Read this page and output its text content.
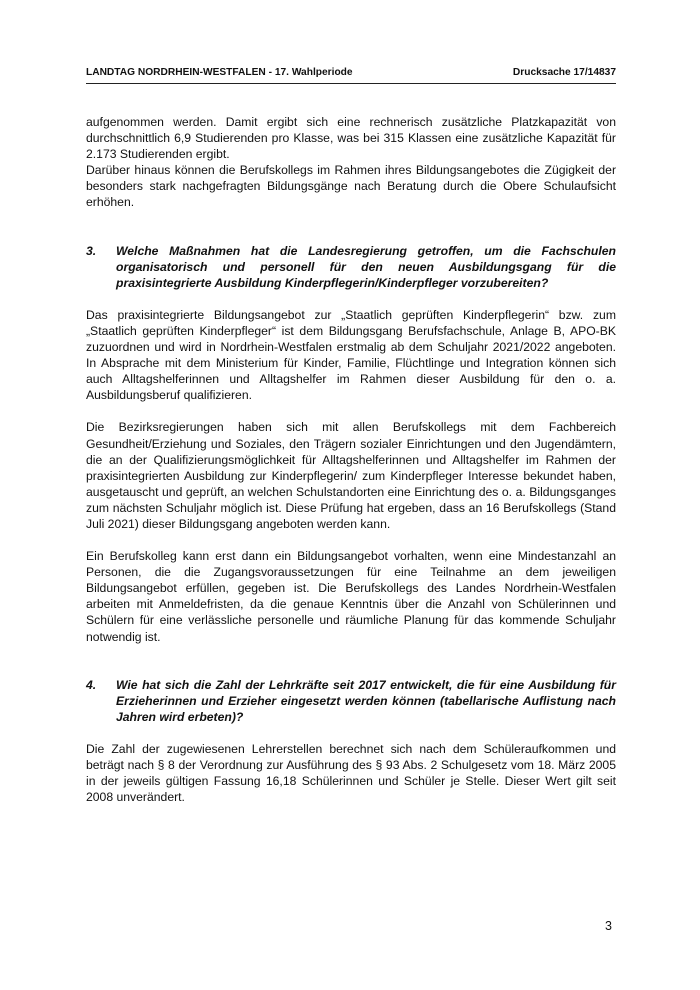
LANDTAG NORDRHEIN-WESTFALEN - 17. Wahlperiode	Drucksache 17/14837

aufgenommen werden. Damit ergibt sich eine rechnerisch zusätzliche Platzkapazität von durchschnittlich 6,9 Studierenden pro Klasse, was bei 315 Klassen eine zusätzliche Kapazität für 2.173 Studierenden ergibt.

Darüber hinaus können die Berufskollegs im Rahmen ihres Bildungsangebotes die Zügigkeit der besonders stark nachgefragten Bildungsgänge nach Beratung durch die Obere Schulaufsicht erhöhen.

3.	Welche Maßnahmen hat die Landesregierung getroffen, um die Fachschulen organisatorisch und personell für den neuen Ausbildungsgang für die praxisintegrierte Ausbildung Kinderpflegerin/Kinderpfleger vorzubereiten?

Das praxisintegrierte Bildungsangebot zur „Staatlich geprüften Kinderpflegerin“ bzw. zum „Staatlich geprüften Kinderpfleger“ ist dem Bildungsgang Berufsfachschule, Anlage B, APO-BK zuzuordnen und wird in Nordrhein-Westfalen erstmalig ab dem Schuljahr 2021/2022 angeboten. In Absprache mit dem Ministerium für Kinder, Familie, Flüchtlinge und Integration können sich auch Alltagshelferinnen und Alltagshelfer im Rahmen dieser Ausbildung für den o. a. Ausbildungsberuf qualifizieren.

Die Bezirksregierungen haben sich mit allen Berufskollegs mit dem Fachbereich Gesundheit/Erziehung und Soziales, den Trägern sozialer Einrichtungen und den Jugendämtern, die an der Qualifizierungsmöglichkeit für Alltagshelferinnen und Alltagshelfer im Rahmen der praxisintegrierten Ausbildung zur Kinderpflegerin/ zum Kinderpfleger Interesse bekundet haben, ausgetauscht und geprüft, an welchen Schulstandorten eine Einrichtung des o. a. Bildungsganges zum nächsten Schuljahr möglich ist. Diese Prüfung hat ergeben, dass an 16 Berufskollegs (Stand Juli 2021) dieser Bildungsgang angeboten werden kann.

Ein Berufskolleg kann erst dann ein Bildungsangebot vorhalten, wenn eine Mindestanzahl an Personen, die die Zugangsvoraussetzungen für eine Teilnahme an dem jeweiligen Bildungsangebot erfüllen, gegeben ist. Die Berufskollegs des Landes Nordrhein-Westfalen arbeiten mit Anmeldefristen, da die genaue Kenntnis über die Anzahl von Schülerinnen und Schülern für eine verlässliche personelle und räumliche Planung für das kommende Schuljahr notwendig ist.

4.	Wie hat sich die Zahl der Lehrkräfte seit 2017 entwickelt, die für eine Ausbildung für Erzieherinnen und Erzieher eingesetzt werden können (tabellarische Auflistung nach Jahren wird erbeten)?

Die Zahl der zugewiesenen Lehrerstellen berechnet sich nach dem Schüleraufkommen und beträgt nach § 8 der Verordnung zur Ausführung des § 93 Abs. 2 Schulgesetz vom 18. März 2005 in der jeweils gültigen Fassung 16,18 Schülerinnen und Schüler je Stelle. Dieser Wert gilt seit 2008 unverändert.

3
